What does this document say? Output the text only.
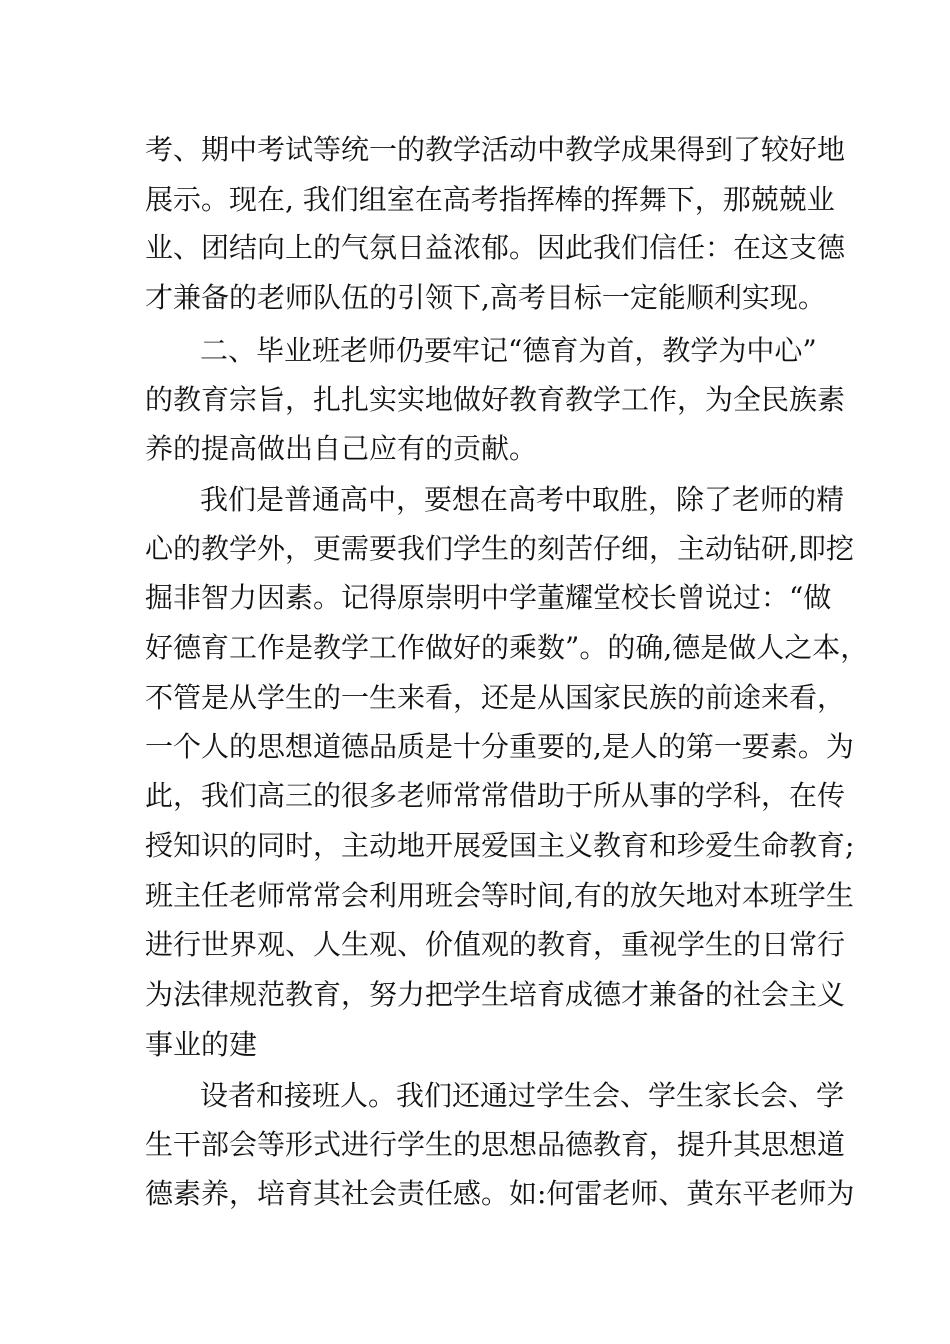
考、期中考试等统一的教学活动中教学成果得到了较好地
展示。现在, 我们组室在高考指挥棒的挥舞下，那兢兢业
业、团结向上的气氛日益浓郁。因此我们信任：在这支德
才兼备的老师队伍的引领下,高考目标一定能顺利实现。
二、毕业班老师仍要牢记“德育为首，教学为中心”
的教育宗旨，扎扎实实地做好教育教学工作，为全民族素
养的提高做出自己应有的贡献。
我们是普通高中，要想在高考中取胜，除了老师的精
心的教学外，更需要我们学生的刻苦仔细，主动钻研,即挖
掘非智力因素。记得原崇明中学董耀堂校长曾说过：“做
好德育工作是教学工作做好的乘数”。的确,德是做人之本，
不管是从学生的一生来看，还是从国家民族的前途来看，
一个人的思想道德品质是十分重要的,是人的第一要素。为
此，我们高三的很多老师常常借助于所从事的学科，在传
授知识的同时，主动地开展爱国主义教育和珍爱生命教育;
班主任老师常常会利用班会等时间,有的放矢地对本班学生
进行世界观、人生观、价值观的教育，重视学生的日常行
为法律规范教育，努力把学生培育成德才兼备的社会主义
事业的建
设者和接班人。我们还通过学生会、学生家长会、学
生干部会等形式进行学生的思想品德教育，提升其思想道
德素养，培育其社会责任感。如:何雷老师、黄东平老师为
